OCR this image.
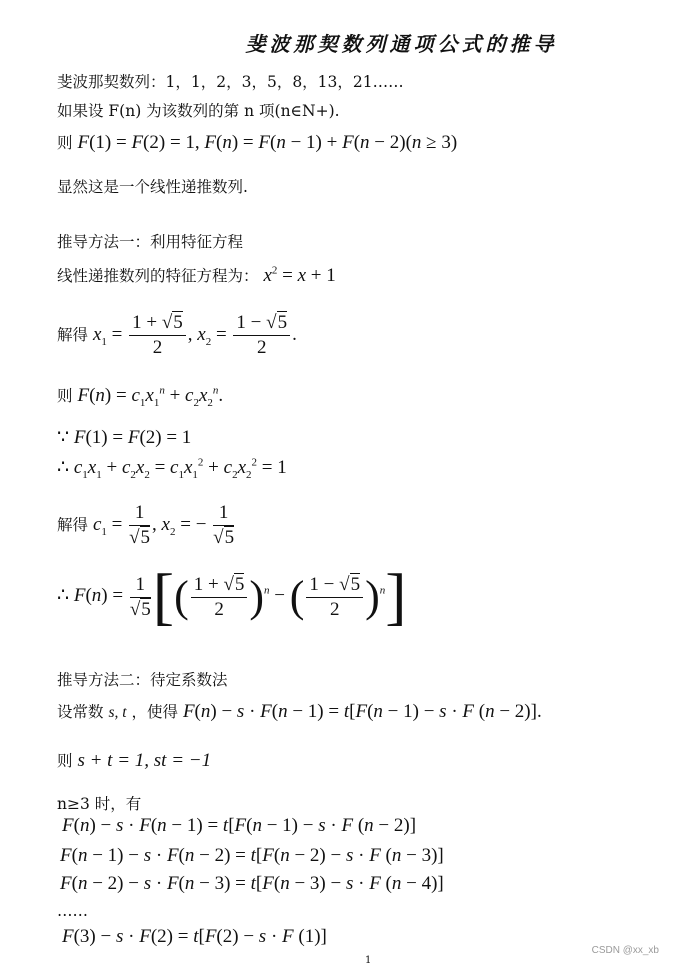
斐波那契数列通项公式的推导
斐波那契数列：1，1，2，3，5，8，13，21……
如果设 F(n) 为该数列的第 n 项(n∈N+).
则 F(1) = F(2) = 1, F(n) = F(n − 1) + F(n − 2)(n ≥ 3)
显然这是一个线性递推数列.
推导方法一：利用特征方程
线性递推数列的特征方程为： $x^2 = x + 1$
解得 $x_1 = \frac{1 + √5}{2}$ , $x_2 = \frac{1 - √5}{2}$ .
则 $F(n) = c_1x_1^n + c_2x_2^n$.
∵ F(1) = F(2) = 1
∴ $c_1x_1 + c_2x_2 = c_1x_1^2 + c_2x_2^2 = 1$
解得 $c_1 = \frac{1}{√5}$ , $x_2$ = − $\frac{1}{√5}$
∴ $F(n) = \frac{1}{√5}$ [( $\frac{1 + √5}{2} )^n$ − ( $\frac{1 - √5}{2} )^n$]
推导方法二：待定系数法
设常数 s, t ，使得 F(n) − s · F(n − 1) = t[F(n − 1) − s · F (n − 2)].
则 s + t = 1, st = −1
n≥3 时，有
F(n) − s · F(n − 1) = t[F(n − 1) − s · F (n − 2)]
F(n − 1) − s · F(n − 2) = t[F(n − 2) − s · F (n − 3)]
F(n − 2) − s · F(n − 3) = t[F(n − 3) − s · F (n − 4)]
……
F(3) − s · F(2) = t[F(2) − s · F (1)]
1
CSDN @xx_xb
